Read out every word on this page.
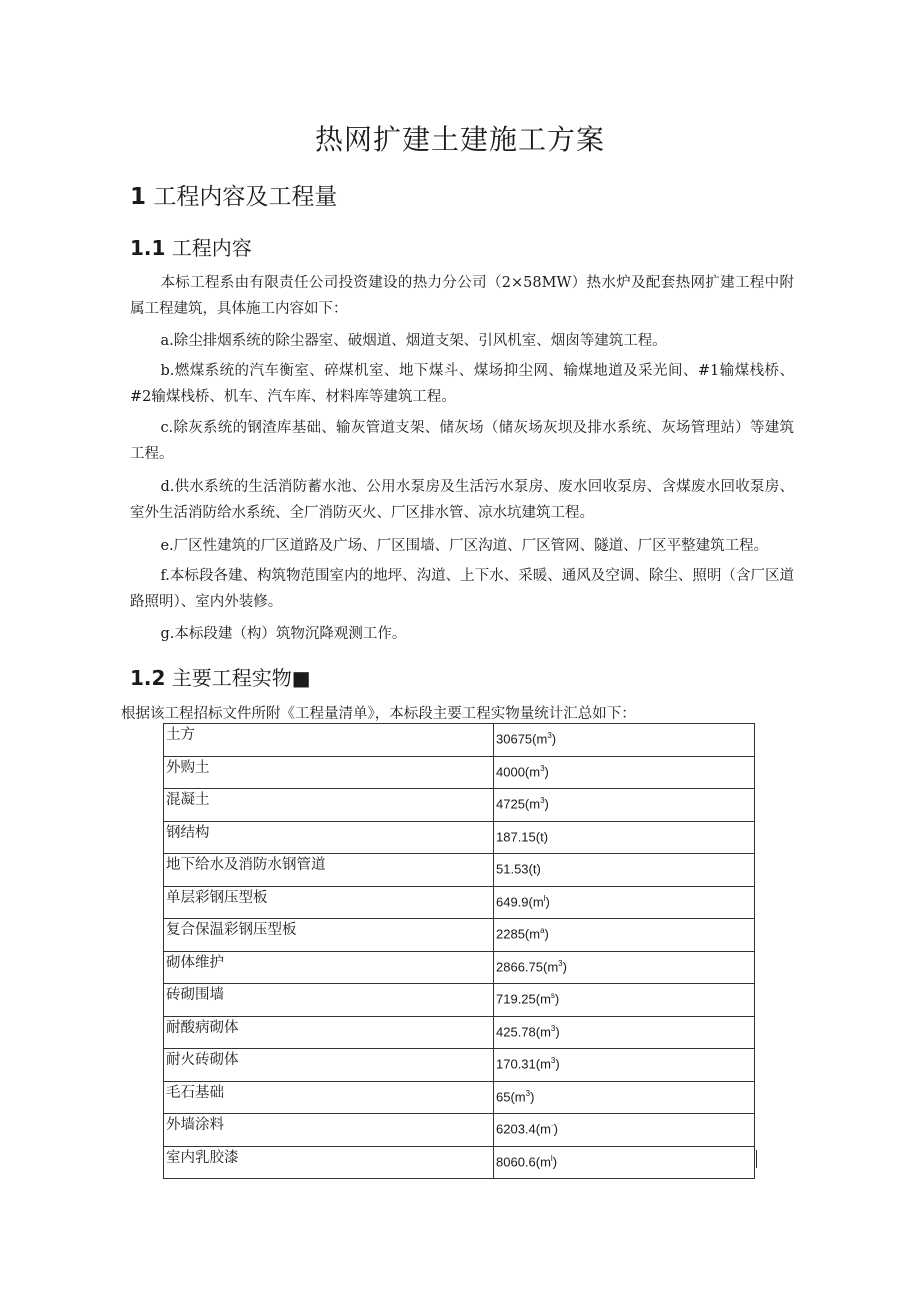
热网扩建土建施工方案
1 工程内容及工程量
1.1 工程内容

本标工程系由有限责任公司投资建设的热力分公司（2×58MW）热水炉及配套热网扩建工程中附属工程建筑，具体施工内容如下：

a.除尘排烟系统的除尘器室、破烟道、烟道支架、引风机室、烟囱等建筑工程。

b.燃煤系统的汽车衡室、碎煤机室、地下煤斗、煤场抑尘网、输煤地道及采光间、#1输煤栈桥、#2输煤栈桥、机车、汽车库、材料库等建筑工程。

c.除灰系统的钢渣库基础、输灰管道支架、储灰场（储灰场灰坝及排水系统、灰场管理站）等建筑工程。

d.供水系统的生活消防蓄水池、公用水泵房及生活污水泵房、废水回收泵房、含煤废水回收泵房、室外生活消防给水系统、全厂消防灭火、厂区排水管、凉水坑建筑工程。

e.厂区性建筑的厂区道路及广场、厂区围墙、厂区沟道、厂区管网、隧道、厂区平整建筑工程。

f.本标段各建、构筑物范围室内的地坪、沟道、上下水、采暖、通风及空调、除尘、照明（含厂区道路照明）、室内外装修。

g.本标段建（构）筑物沉降观测工作。

1.2 主要工程实物■

根据该工程招标文件所附《工程量清单》，本标段主要工程实物量统计汇总如下：

土方	$30675(m^3)$
外购土	$4000(m^3)$
混凝土	$4725(m^3)$
钢结构	187.15(t)
地下给水及消防水钢管道	51.53(t)
单层彩钢压型板	$649.9(m^l)$
复合保温彩钢压型板	$2285(m^a)$
砌体维护	$2866.75(m^3)$
砖砌围墙	$719.25(m^s)$
耐酸病砌体	$425.78(m^3)$
耐火砖砌体	$170.31(m^3)$
毛石基础	$65(m^3)$
外墙涂料	6203.4(m·)
室内乳胶漆	$8060.6(m^l)$
